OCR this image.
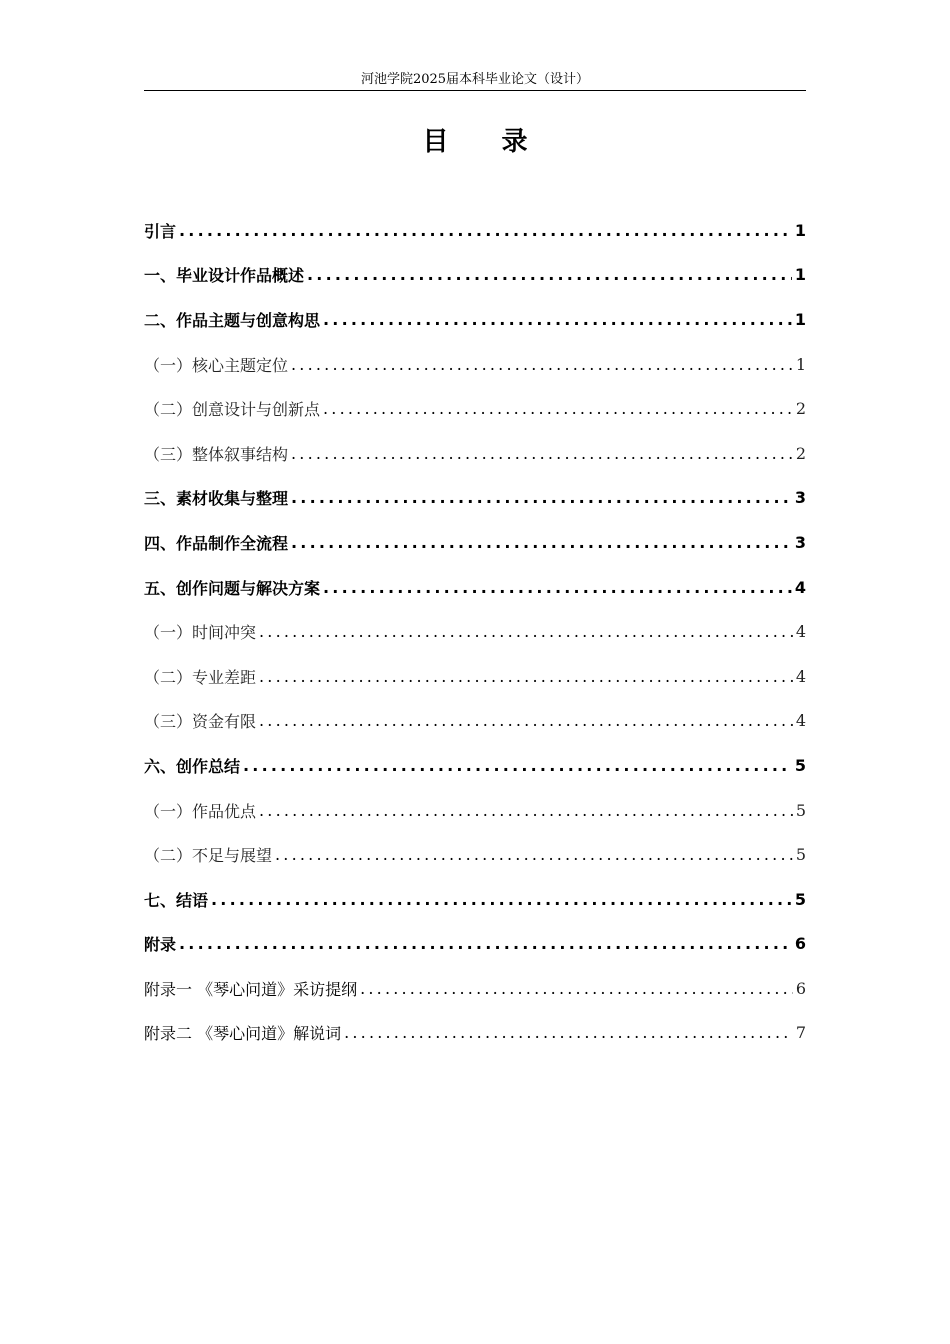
河池学院2025届本科毕业论文（设计）
目 录
引言 .....	1
一、毕业设计作品概述 .....	1
二、作品主题与创意构思 .....	1
（一）核心主题定位 .....	1
（二）创意设计与创新点 .....	2
（三）整体叙事结构 .....	2
三、素材收集与整理 .....	3
四、作品制作全流程 .....	3
五、创作问题与解决方案 .....	4
（一）时间冲突 .....	4
（二）专业差距 .....	4
（三）资金有限 .....	4
六、创作总结 .....	5
（一）作品优点 .....	5
（二）不足与展望 .....	5
七、结语 .....	5
附录 .....	6
附录一 《琴心问道》采访提纲 .....	6
附录二 《琴心问道》解说词 .....	7
